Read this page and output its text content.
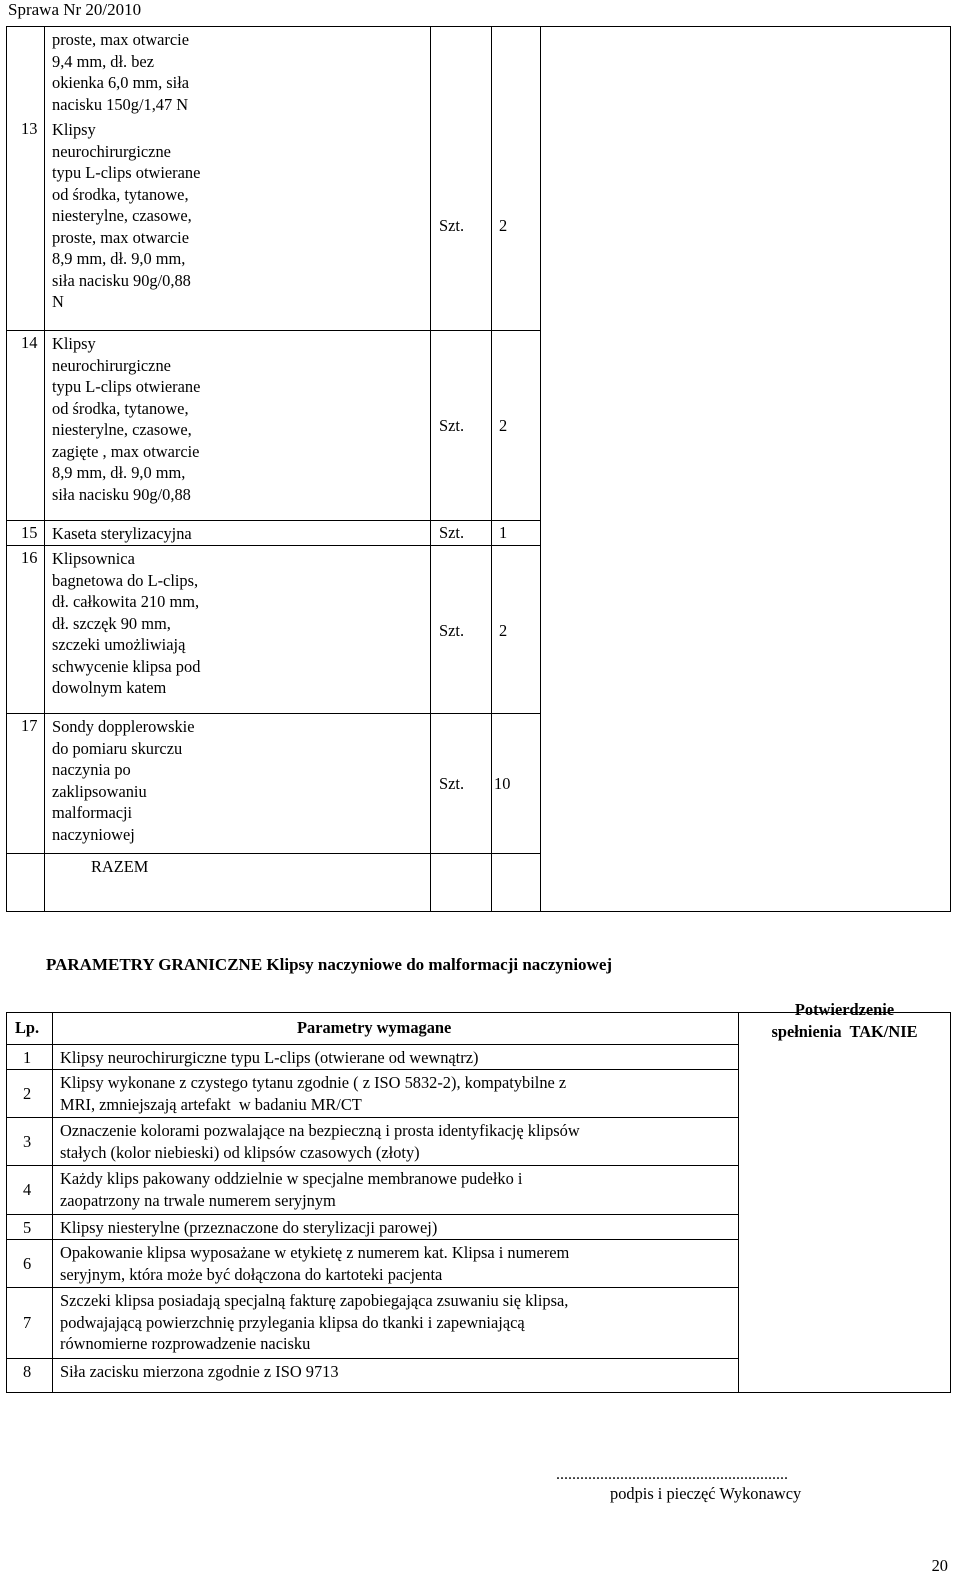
Sprawa Nr 20/2010
proste, max otwarcie
9,4 mm, dł. bez
okienka 6,0 mm, siła
nacisku 150g/1,47 N
13 Klipsy
neurochirurgiczne
typu L-clips otwierane
od środka, tytanowe,
niesterylne, czasowe,
proste, max otwarcie
8,9 mm, dł. 9,0 mm,
siła nacisku 90g/0,88
N
Szt. 2
14 Klipsy
neurochirurgiczne
typu L-clips otwierane
od środka, tytanowe,
niesterylne, czasowe,
zagięte , max otwarcie
8,9 mm, dł. 9,0 mm,
siła nacisku 90g/0,88
Szt. 2
15 Kaseta sterylizacyjna	Szt. 1
16 Klipsownica
bagnetowa do L-clips,
dł. całkowita 210 mm,
dł. szczęk 90 mm,
szczeki umożliwiają
schwycenie klipsa pod
dowolnym katem
Szt. 2
17 Sondy dopplerowskie
do pomiaru skurczu
naczynia po
zaklipsowaniu
malformacji
naczyniowej
Szt. 10
RAZEM
PARAMETRY GRANICZNE Klipsy naczyniowe do malformacji naczyniowej
Lp.	Parametry wymagane
Potwierdzenie
spełnienia  TAK/NIE
1 Klipsy neurochirurgiczne typu L-clips (otwierane od wewnątrz)
2
Klipsy wykonane z czystego tytanu zgodnie ( z ISO 5832-2), kompatybilne z
MRI, zmniejszają artefakt  w badaniu MR/CT
3
Oznaczenie kolorami pozwalające na bezpieczną i prosta identyfikację klipsów
stałych (kolor niebieski) od klipsów czasowych (złoty)
4
Każdy klips pakowany oddzielnie w specjalne membranowe pudełko i
zaopatrzony na trwale numerem seryjnym
5 Klipsy niesterylne (przeznaczone do sterylizacji parowej)
6
Opakowanie klipsa wyposażane w etykietę z numerem kat. Klipsa i numerem
seryjnym, która może być dołączona do kartoteki pacjenta
7
Szczeki klipsa posiadają specjalną fakturę zapobiegająca zsuwaniu się klipsa,
podwajającą powierzchnię przylegania klipsa do tkanki i zapewniającą
równomierne rozprowadzenie nacisku
8 Siła zacisku mierzona zgodnie z ISO 9713
..........................................................
podpis i pieczęć Wykonawcy
20
